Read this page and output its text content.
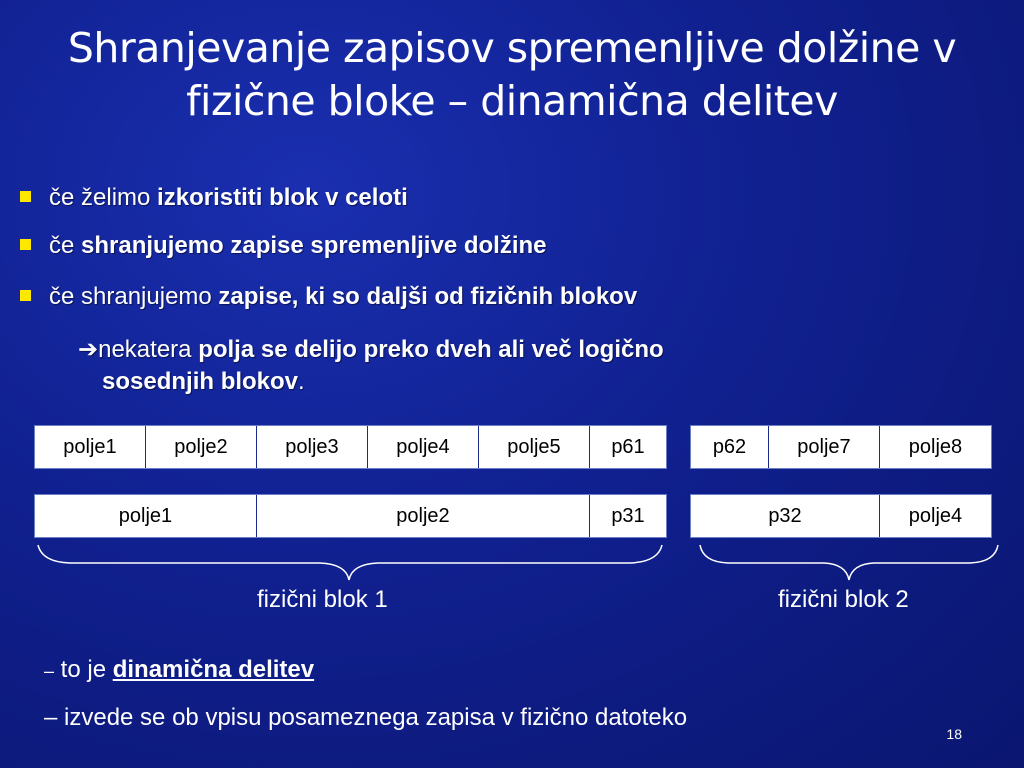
Shranjevanje zapisov spremenljive dolžine v
fizične bloke – dinamična delitev
če želimo izkoristiti blok v celoti
če shranjujemo zapise spremenljive dolžine
če shranjujemo zapise, ki so daljši od fizičnih blokov
➔nekatera polja se delijo preko dveh ali več logično
sosednjih blokov.
polje1	polje2	polje3	polje4	polje5	p61	p62	polje7	polje8
polje1	polje2	p31	p32	polje4
fizični blok 1	fizični blok 2
– to je dinamična delitev
– izvede se ob vpisu posameznega zapisa v fizično datoteko
18
